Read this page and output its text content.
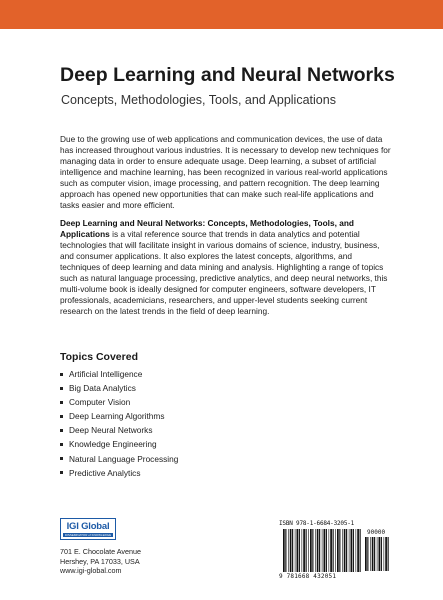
Deep Learning and Neural Networks
Concepts, Methodologies, Tools, and Applications

Due to the growing use of web applications and communication devices, the use of data has increased throughout various industries. It is necessary to develop new techniques for managing data in order to ensure adequate usage. Deep learning, a subset of artificial intelligence and machine learning, has been recognized in various real-world applications such as computer vision, image processing, and pattern recognition. The deep learning approach has opened new opportunities that can make such real-life applications and tasks easier and more efficient.

Deep Learning and Neural Networks: Concepts, Methodologies, Tools, and Applications is a vital reference source that trends in data analytics and potential technologies that will facilitate insight in various domains of science, industry, business, and consumer applications. It also explores the latest concepts, algorithms, and techniques of deep learning and data mining and analysis. Highlighting a range of topics such as natural language processing, predictive analytics, and deep neural networks, this multi-volume book is ideally designed for computer engineers, software developers, IT professionals, academicians, researchers, and upper-level students seeking current research on the latest trends in the field of deep learning.

Topics Covered
Artificial Intelligence
Big Data Analytics
Computer Vision
Deep Learning Algorithms
Deep Neural Networks
Knowledge Engineering
Natural Language Processing
Predictive Analytics
IGI Global
DISSEMINATOR of KNOWLEDGE
701 E. Chocolate Avenue
Hershey, PA 17033, USA
www.igi-global.com
ISBN 978-1-6684-3205-1
90000
9 781668 432051
